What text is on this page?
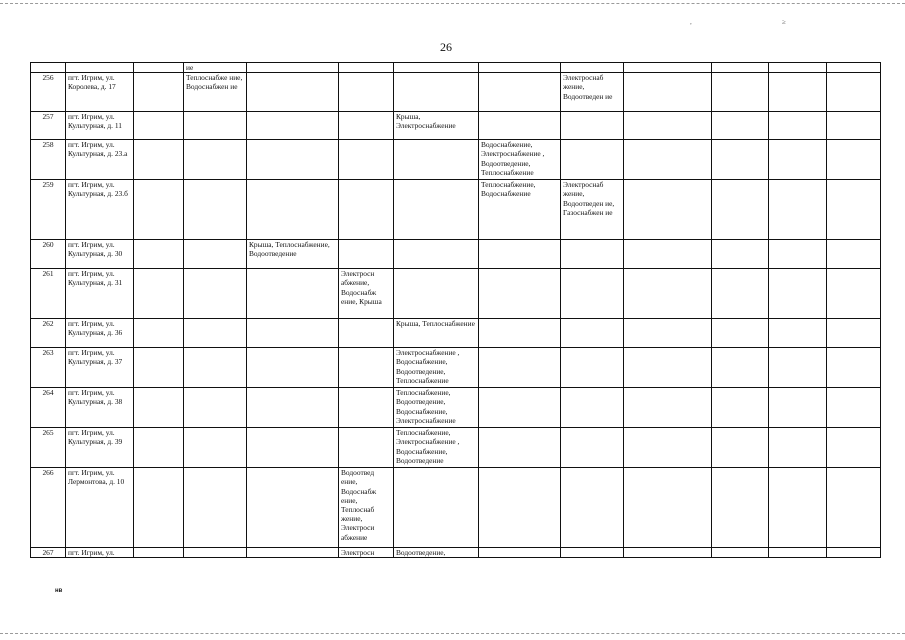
,	≥
26
			ие									
256	пгт. Игрим, ул. Королева, д. 17		Теплоснабже ние, Водоснабжен ие					Электроснаб жение, Водоотведен ие				
257	пгт. Игрим, ул. Культурная, д. 11					Крыша, Электроснабжение						
258	пгт. Игрим, ул. Культурная, д. 23.а						Водоснабжение, Электроснабжение , Водоотведение, Теплоснабжение					
259	пгт. Игрим, ул. Культурная, д. 23.б						Теплоснабжение, Водоснабжение	Электроснаб жение, Водоотведен ие, Газоснабжен ие				
260	пгт. Игрим, ул. Культурная, д. 30			Крыша, Теплоснабжение, Водоотведение								
261	пгт. Игрим, ул. Культурная, д. 31				Электросн абжение, Водоснабж ение, Крыша							
262	пгт. Игрим, ул. Культурная, д. 36					Крыша, Теплоснабжение						
263	пгт. Игрим, ул. Культурная, д. 37					Электроснабжение , Водоснабжение, Водоотведение, Теплоснабжение						
264	пгт. Игрим, ул. Культурная, д. 38					Теплоснабжение, Водоотведение, Водоснабжение, Электроснабжение						
265	пгт. Игрим, ул. Культурная, д. 39					Теплоснабжение, Электроснабжение , Водоснабжение, Водоотведение						
266	пгт. Игрим, ул. Лермонтова, д. 10				Водоотвед ение, Водоснабж ение, Теплоснаб жение, Электроси абжение							
267	пгт. Игрим, ул.				Электросн	Водоотведение,						
нв
